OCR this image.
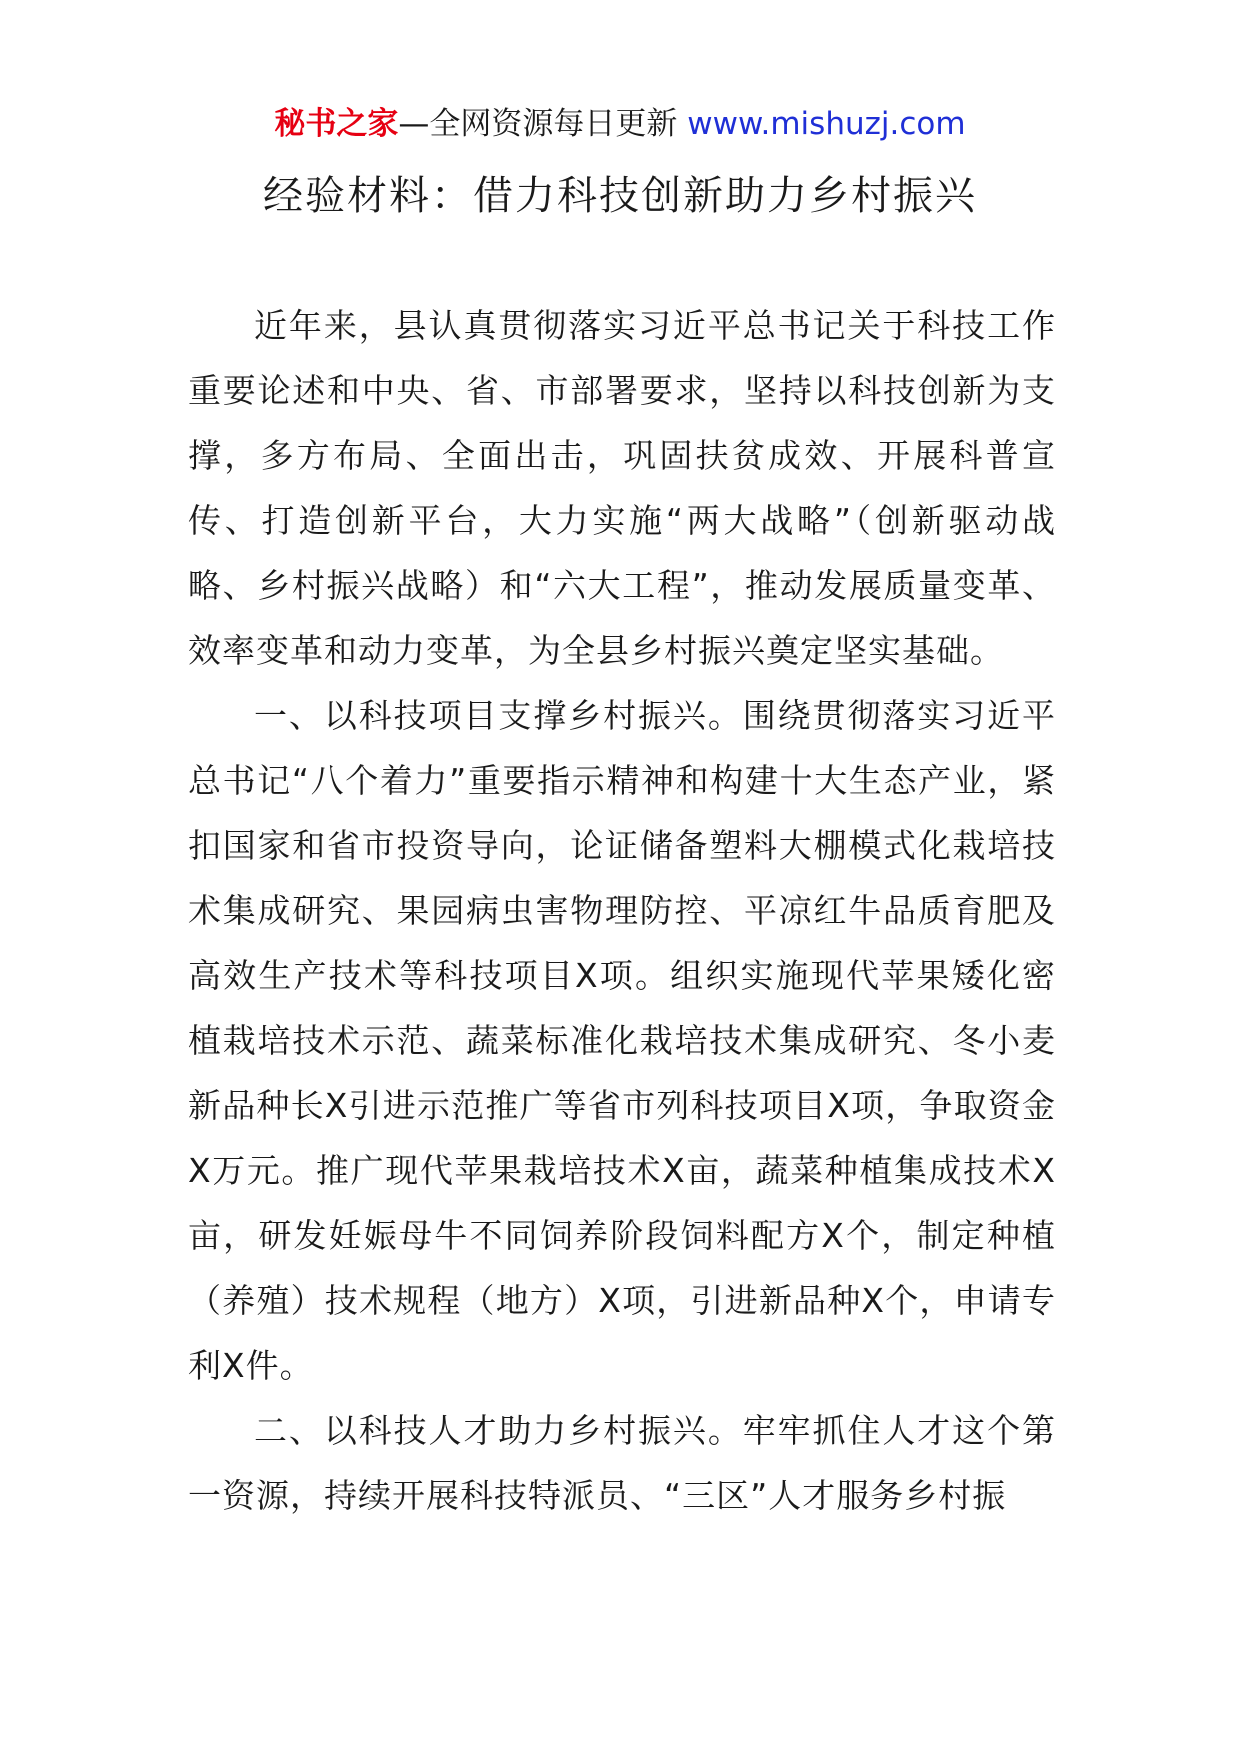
秘书之家—全网资源每日更新 www.mishuzj.com
经验材料：借力科技创新助力乡村振兴

近年来，县认真贯彻落实习近平总书记关于科技工作重要论述和中央、省、市部署要求，坚持以科技创新为支撑，多方布局、全面出击，巩固扶贫成效、开展科普宣传、打造创新平台，大力实施“两大战略”（创新驱动战略、乡村振兴战略）和“六大工程”，推动发展质量变革、效率变革和动力变革，为全县乡村振兴奠定坚实基础。

一、以科技项目支撑乡村振兴。围绕贯彻落实习近平总书记“八个着力”重要指示精神和构建十大生态产业，紧扣国家和省市投资导向，论证储备塑料大棚模式化栽培技术集成研究、果园病虫害物理防控、平凉红牛品质育肥及高效生产技术等科技项目X项。组织实施现代苹果矮化密植栽培技术示范、蔬菜标准化栽培技术集成研究、冬小麦新品种长X引进示范推广等省市列科技项目X项，争取资金X万元。推广现代苹果栽培技术X亩，蔬菜种植集成技术X亩，研发妊娠母牛不同饲养阶段饲料配方X个，制定种植（养殖）技术规程（地方）X项，引进新品种X个，申请专利X件。

二、以科技人才助力乡村振兴。牢牢抓住人才这个第一资源，持续开展科技特派员、“三区”人才服务乡村振
